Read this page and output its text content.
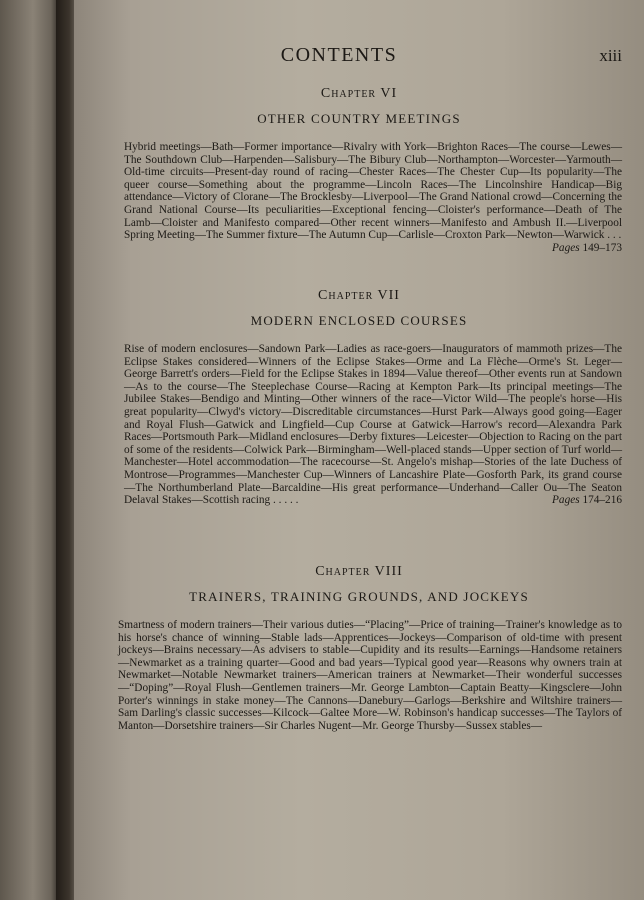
CONTENTS	xiii

Chapter VI

OTHER COUNTRY MEETINGS

Hybrid meetings—Bath—Former importance—Rivalry with York—Brighton Races—The course—Lewes—The Southdown Club—Harpenden—Salisbury—The Bibury Club—Northampton—Worcester—Yarmouth—Old-time circuits—Present-day round of racing—Chester Races—The Chester Cup—Its popularity—The queer course—Something about the programme—Lincoln Races—The Lincolnshire Handicap—Big attendance—Victory of Clorane—The Brocklesby—Liverpool—The Grand National crowd—Concerning the Grand National Course—Its peculiarities—Exceptional fencing—Cloister's performance—Death of The Lamb—Cloister and Manifesto compared—Other recent winners—Manifesto and Ambush II.—Liverpool Spring Meeting—The Summer fixture—The Autumn Cup—Carlisle—Croxton Park—Newton—Warwick . . .
Pages 149–173

Chapter VII

MODERN ENCLOSED COURSES

Rise of modern enclosures—Sandown Park—Ladies as race-goers—Inaugurators of mammoth prizes—The Eclipse Stakes considered—Winners of the Eclipse Stakes—Orme and La Flèche—Orme's St. Leger—George Barrett's orders—Field for the Eclipse Stakes in 1894—Value thereof—Other events run at Sandown—As to the course—The Steeplechase Course—Racing at Kempton Park—Its principal meetings—The Jubilee Stakes—Bendigo and Minting—Other winners of the race—Victor Wild—The people's horse—His great popularity—Clwyd's victory—Discreditable circumstances—Hurst Park—Always good going—Eager and Royal Flush—Gatwick and Lingfield—Cup Course at Gatwick—Harrow's record—Alexandra Park Races—Portsmouth Park—Midland enclosures—Derby fixtures—Leicester—Objection to Racing on the part of some of the residents—Colwick Park—Birmingham—Well-placed stands—Upper section of Turf world—Manchester—Hotel accommodation—The racecourse—St. Angelo's mishap—Stories of the late Duchess of Montrose—Programmes—Manchester Cup—Winners of Lancashire Plate—Gosforth Park, its grand course—The Northumberland Plate—Barcaldine—His great performance—Underhand—Caller Ou—The Seaton Delaval Stakes—Scottish racing . . . . .	Pages 174–216

Chapter VIII

TRAINERS, TRAINING GROUNDS, AND JOCKEYS

Smartness of modern trainers—Their various duties—“Placing”—Price of training—Trainer's knowledge as to his horse's chance of winning—Stable lads—Apprentices—Jockeys—Comparison of old-time with present jockeys—Brains necessary—As advisers to stable—Cupidity and its results—Earnings—Handsome retainers—Newmarket as a training quarter—Good and bad years—Typical good year—Reasons why owners train at Newmarket—Notable Newmarket trainers—American trainers at Newmarket—Their wonderful successes—“Doping”—Royal Flush—Gentlemen trainers—Mr. George Lambton—Captain Beatty—Kingsclere—John Porter's winnings in stake money—The Cannons—Danebury—Garlogs—Berkshire and Wiltshire trainers—Sam Darling's classic successes—Kilcock—Galtee More—W. Robinson's handicap successes—The Taylors of Manton—Dorsetshire trainers—Sir Charles Nugent—Mr. George Thursby—Sussex stables—
